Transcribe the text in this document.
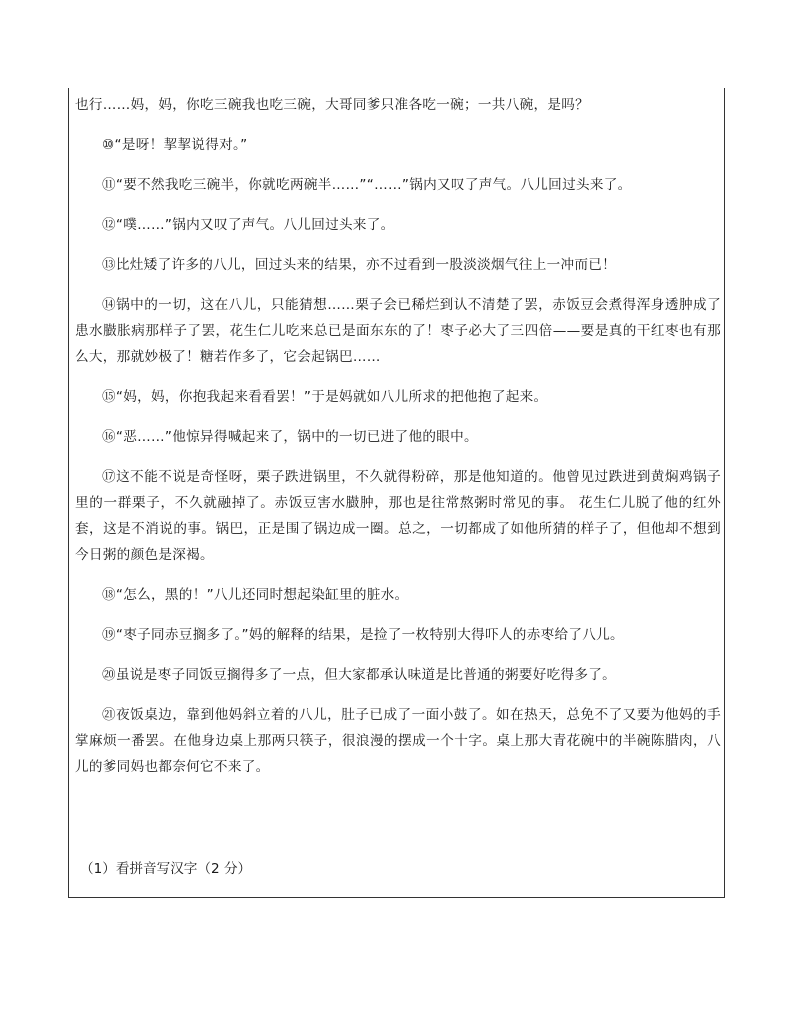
也行……妈，妈，你吃三碗我也吃三碗，大哥同爹只准各吃一碗；一共八碗，是吗？

⑩“是呀！挈挈说得对。”

⑪“要不然我吃三碗半，你就吃两碗半……”“……”锅内又叹了声气。八儿回过头来了。

⑫“噗……”锅内又叹了声气。八儿回过头来了。

⑬比灶矮了许多的八儿，回过头来的结果，亦不过看到一股淡淡烟气往上一冲而已！

⑭锅中的一切，这在八儿，只能猜想……栗子会已稀烂到认不清楚了罢，赤饭豆会煮得浑身透肿成了患水臌胀病那样子了罢，花生仁儿吃来总已是面东东的了！枣子必大了三四倍——要是真的干红枣也有那么大，那就妙极了！糖若作多了，它会起锅巴……

⑮“妈，妈，你抱我起来看看罢！”于是妈就如八儿所求的把他抱了起来。

⑯“恶……”他惊异得喊起来了，锅中的一切已进了他的眼中。

⑰这不能不说是奇怪呀，栗子跌进锅里，不久就得粉碎，那是他知道的。他曾见过跌进到黄焖鸡锅子里的一群栗子，不久就融掉了。赤饭豆害水臌肿，那也是往常熬粥时常见的事。 花生仁儿脱了他的红外套，这是不消说的事。锅巴，正是围了锅边成一圈。总之，一切都成了如他所猜的样子了，但他却不想到今日粥的颜色是深褐。

⑱“怎么，黑的！”八儿还同时想起染缸里的脏水。

⑲“枣子同赤豆搁多了。”妈的解释的结果，是捡了一枚特别大得吓人的赤枣给了八儿。

⑳虽说是枣子同饭豆搁得多了一点，但大家都承认味道是比普通的粥要好吃得多了。

㉑夜饭桌边，靠到他妈斜立着的八儿，肚子已成了一面小鼓了。如在热天，总免不了又要为他妈的手掌麻烦一番罢。在他身边桌上那两只筷子，很浪漫的摆成一个十字。桌上那大青花碗中的半碗陈腊肉，八儿的爹同妈也都奈何它不来了。

（1）看拼音写汉字（2 分）
